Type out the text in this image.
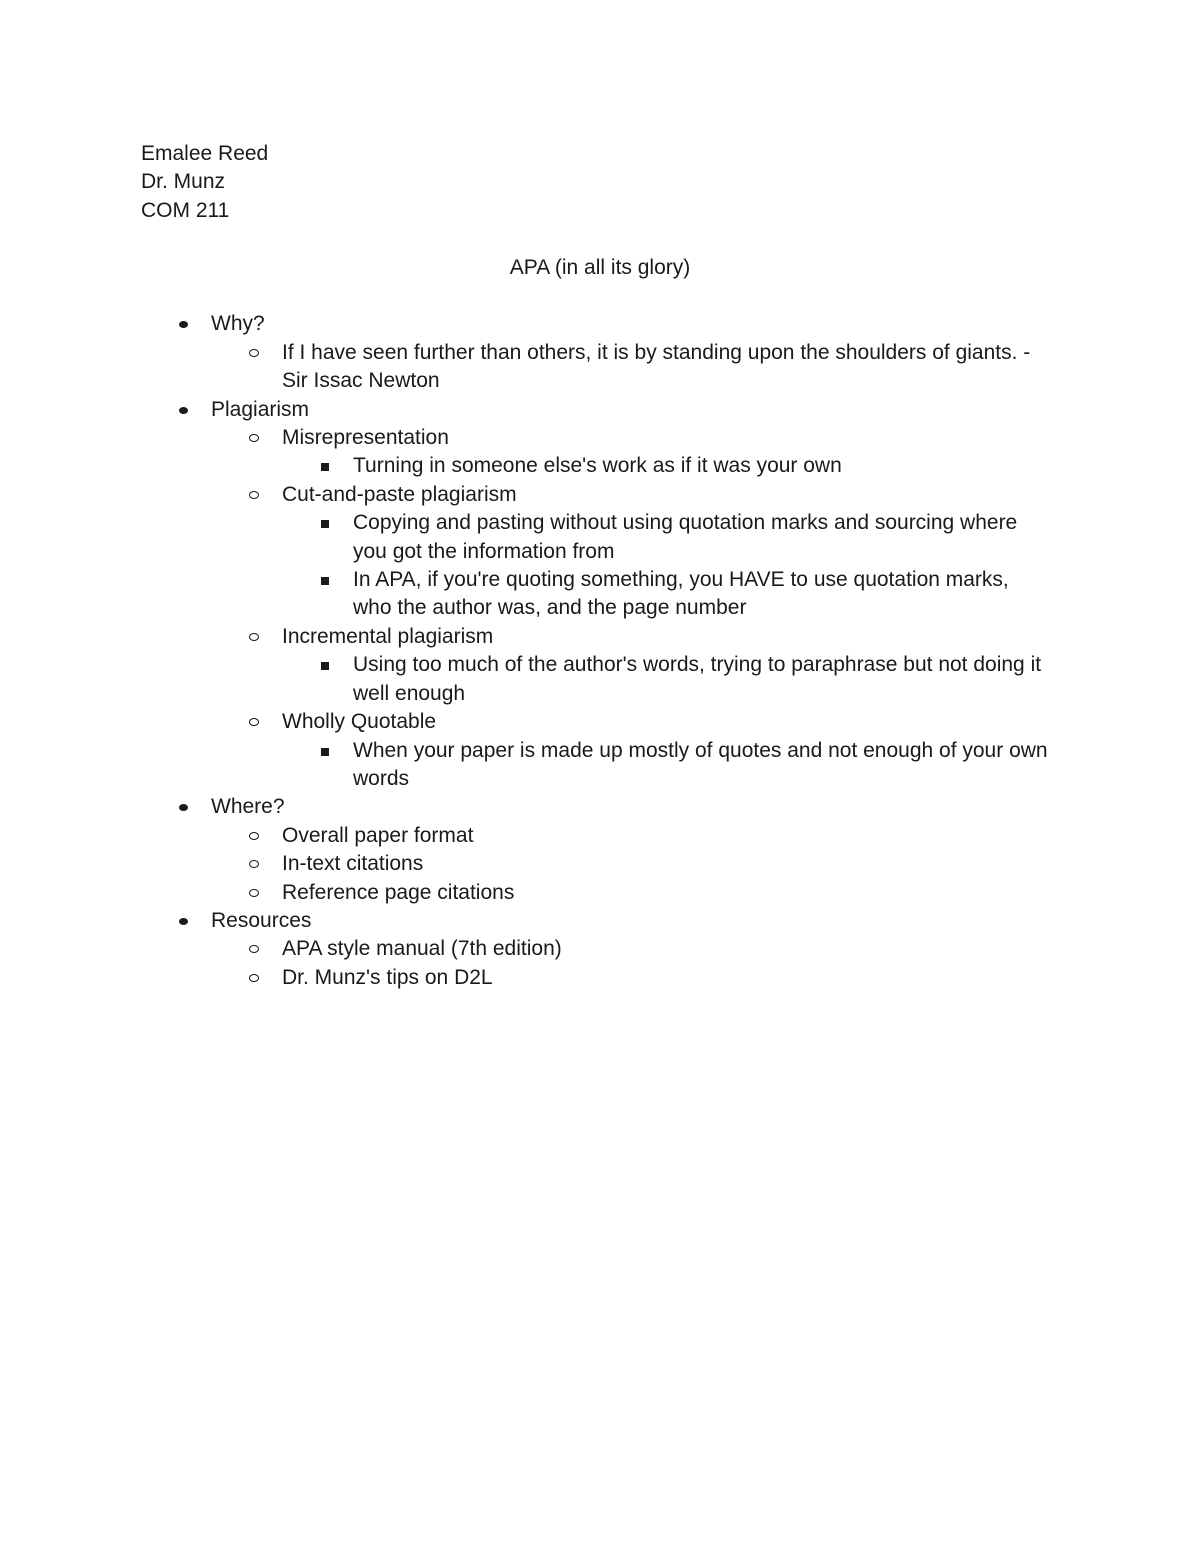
Emalee Reed
Dr. Munz
COM 211
APA (in all its glory)
Why?
If I have seen further than others, it is by standing upon the shoulders of giants. -Sir Issac Newton
Plagiarism
Misrepresentation
Turning in someone else's work as if it was your own
Cut-and-paste plagiarism
Copying and pasting without using quotation marks and sourcing where you got the information from
In APA, if you're quoting something, you HAVE to use quotation marks, who the author was, and the page number
Incremental plagiarism
Using too much of the author's words, trying to paraphrase but not doing it well enough
Wholly Quotable
When your paper is made up mostly of quotes and not enough of your own words
Where?
Overall paper format
In-text citations
Reference page citations
Resources
APA style manual (7th edition)
Dr. Munz's tips on D2L
